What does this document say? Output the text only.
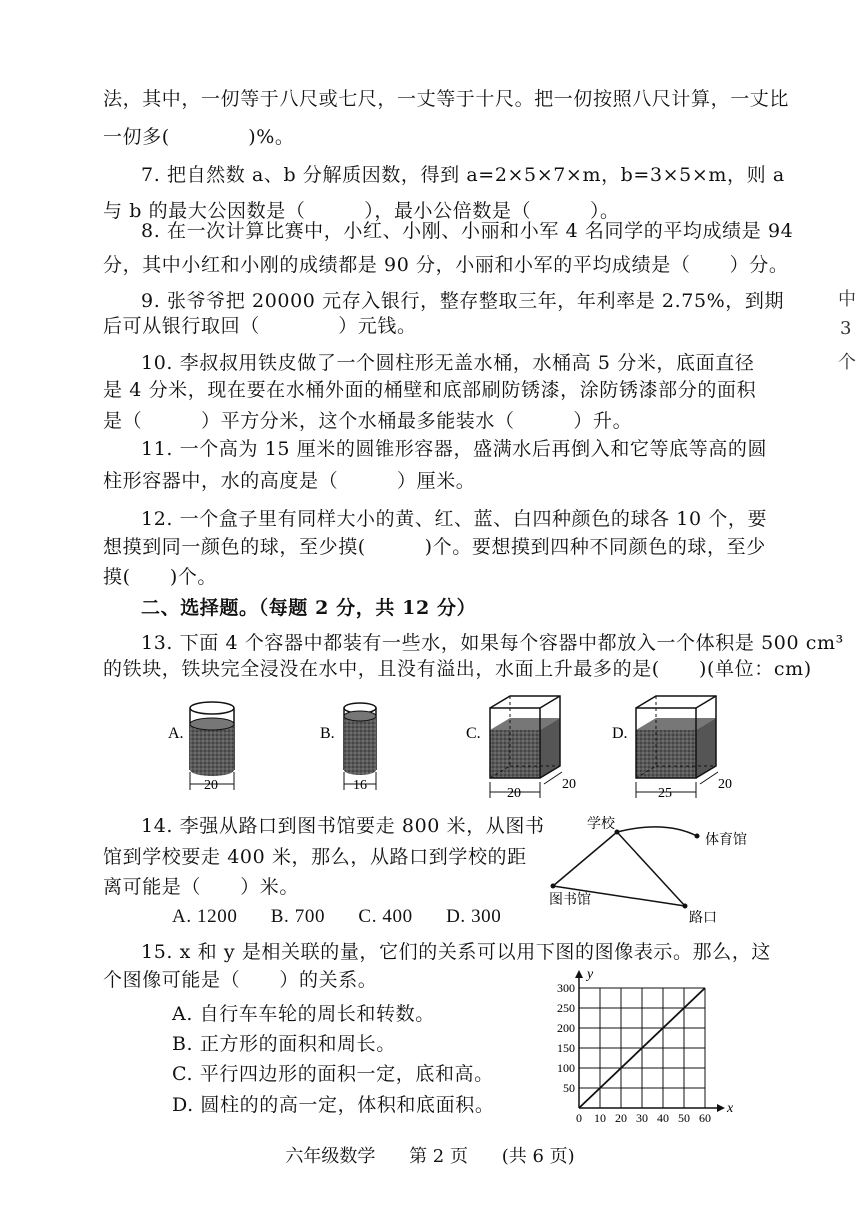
法，其中，一仞等于八尺或七尺，一丈等于十尺。把一仞按照八尺计算，一丈比
一仞多(　　　　)%。
7. 把自然数 a、b 分解质因数，得到 a=2×5×7×m，b=3×5×m，则 a
与 b 的最大公因数是（　　　），最小公倍数是（　　　）。
8. 在一次计算比赛中，小红、小刚、小丽和小军 4 名同学的平均成绩是 94
分，其中小红和小刚的成绩都是 90 分，小丽和小军的平均成绩是（　　）分。
9. 张爷爷把 20000 元存入银行，整存整取三年，年利率是 2.75%，到期
后可从银行取回（　　　　）元钱。
10. 李叔叔用铁皮做了一个圆柱形无盖水桶，水桶高 5 分米，底面直径
是 4 分米，现在要在水桶外面的桶壁和底部刷防锈漆，涂防锈漆部分的面积
是（　　　）平方分米，这个水桶最多能装水（　　　）升。
11. 一个高为 15 厘米的圆锥形容器，盛满水后再倒入和它等底等高的圆
柱形容器中，水的高度是（　　　）厘米。
12. 一个盒子里有同样大小的黄、红、蓝、白四种颜色的球各 10 个，要
想摸到同一颜色的球，至少摸(　　　)个。要想摸到四种不同颜色的球，至少
摸(　　)个。
二、选择题。（每题 2 分，共 12 分）
13. 下面 4 个容器中都装有一些水，如果每个容器中都放入一个体积是 500 cm³
的铁块，铁块完全浸没在水中，且没有溢出，水面上升最多的是(　　)(单位：cm)
中
3
个
A.
20
B.
16
C.
20
20
D.
25
20
14. 李强从路口到图书馆要走 800 米，从图书
馆到学校要走 400 米，那么，从路口到学校的距
离可能是（　　）米。
A. 1200 B. 700 C. 400 D. 300
学校
体育馆
图书馆
路口
15. x 和 y 是相关联的量，它们的关系可以用下图的图像表示。那么，这
个图像可能是（　　）的关系。
A. 自行车车轮的周长和转数。
B. 正方形的面积和周长。
C. 平行四边形的面积一定，底和高。
D. 圆柱的的高一定，体积和底面积。
0 10 20 30 40 50 60
50
100
150
200
250
300
x
y
六年级数学 第 2 页 (共 6 页)
